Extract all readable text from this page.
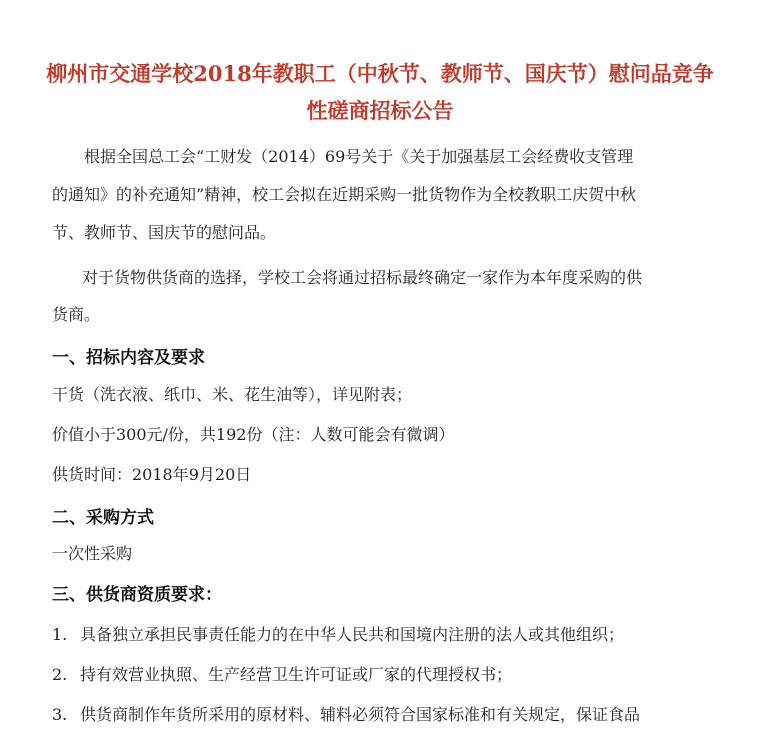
柳州市交通学校2018年教职工（中秋节、教师节、国庆节）慰问品竞争
性磋商招标公告
根据全国总工会“工财发（2014）69号关于《关于加强基层工会经费收支管理
的通知》的补充通知”精神，校工会拟在近期采购一批货物作为全校教职工庆贺中秋
节、教师节、国庆节的慰问品。
对于货物供货商的选择，学校工会将通过招标最终确定一家作为本年度采购的供
货商。
一、招标内容及要求
干货（洗衣液、纸巾、米、花生油等），详见附表；
价值小于300元/份，共192份（注：人数可能会有微调）
供货时间：2018年9月20日
二、采购方式
一次性采购
三、供货商资质要求：
1. 具备独立承担民事责任能力的在中华人民共和国境内注册的法人或其他组织；
2. 持有效营业执照、生产经营卫生许可证或厂家的代理授权书；
3. 供货商制作年货所采用的原材料、辅料必须符合国家标准和有关规定，保证食品
